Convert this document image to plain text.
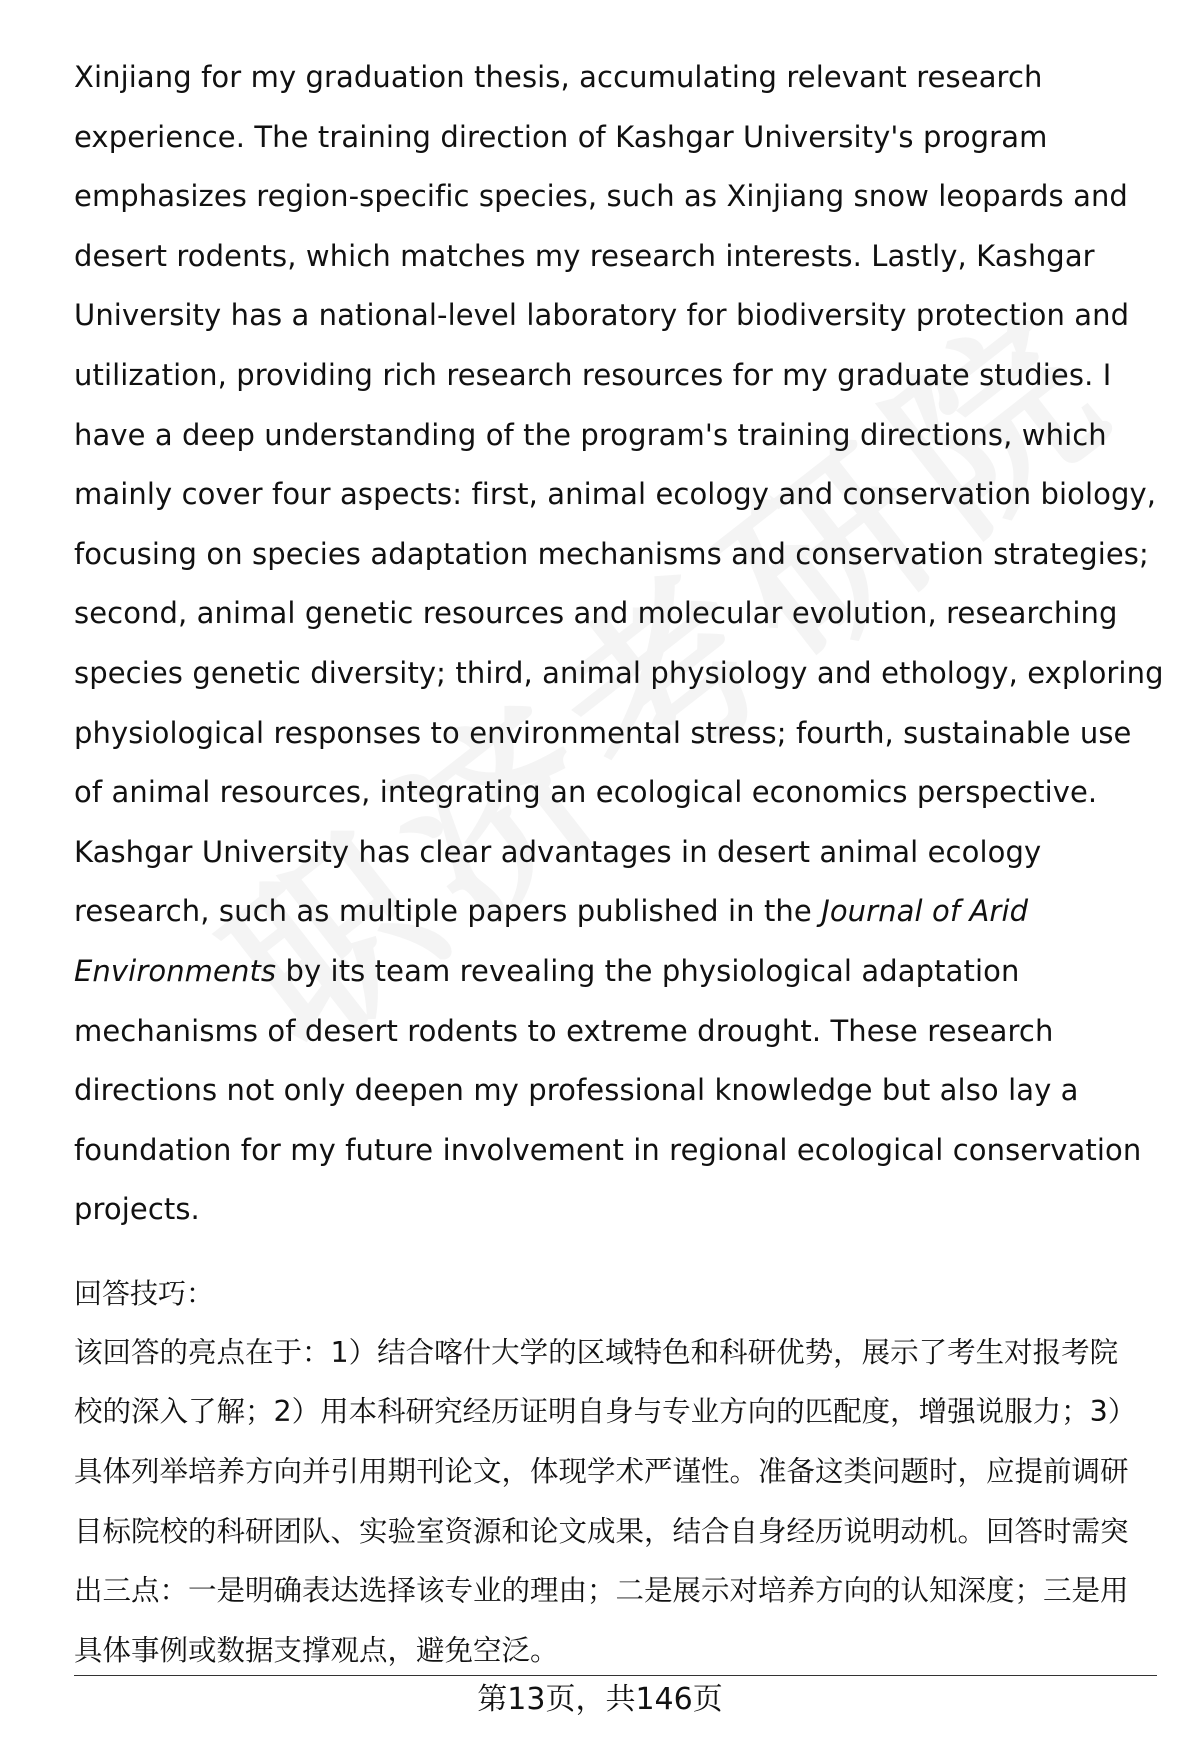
Xinjiang for my graduation thesis, accumulating relevant research experience. The training direction of Kashgar University's program emphasizes region-specific species, such as Xinjiang snow leopards and desert rodents, which matches my research interests. Lastly, Kashgar University has a national-level laboratory for biodiversity protection and utilization, providing rich research resources for my graduate studies. I have a deep understanding of the program's training directions, which mainly cover four aspects: first, animal ecology and conservation biology, focusing on species adaptation mechanisms and conservation strategies; second, animal genetic resources and molecular evolution, researching species genetic diversity; third, animal physiology and ethology, exploring physiological responses to environmental stress; fourth, sustainable use of animal resources, integrating an ecological economics perspective. Kashgar University has clear advantages in desert animal ecology research, such as multiple papers published in the Journal of Arid Environments by its team revealing the physiological adaptation mechanisms of desert rodents to extreme drought. These research directions not only deepen my professional knowledge but also lay a foundation for my future involvement in regional ecological conservation projects.

回答技巧：

该回答的亮点在于：1）结合喀什大学的区域特色和科研优势，展示了考生对报考院校的深入了解；2）用本科研究经历证明自身与专业方向的匹配度，增强说服力；3）具体列举培养方向并引用期刊论文，体现学术严谨性。准备这类问题时，应提前调研目标院校的科研团队、实验室资源和论文成果，结合自身经历说明动机。回答时需突出三点：一是明确表达选择该专业的理由；二是展示对培养方向的认知深度；三是用具体事例或数据支撑观点，避免空泛。

第13页，共146页
